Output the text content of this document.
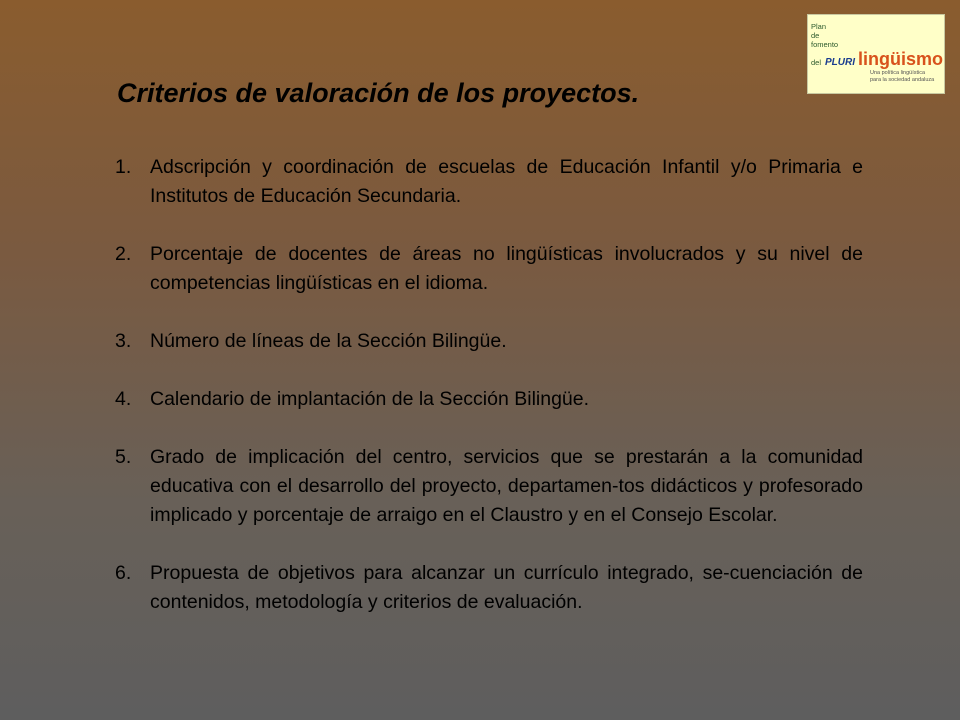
Plan
de
fomento
del PLURI lingüismo
Una política lingüística
para la sociedad andaluza
Criterios de valoración de los proyectos.
1. Adscripción y coordinación de escuelas de Educación Infantil y/o Primaria e Institutos de Educación Secundaria.
2. Porcentaje de docentes de áreas no lingüísticas involucrados y su nivel de competencias lingüísticas en el idioma.
3. Número de líneas de la Sección Bilingüe.
4. Calendario de implantación de la Sección Bilingüe.
5. Grado de implicación del centro, servicios que se prestarán a la comunidad educativa con el desarrollo del proyecto, departamen-tos didácticos y profesorado implicado y porcentaje de arraigo en el Claustro y en el Consejo Escolar.
6. Propuesta de objetivos para alcanzar un currículo integrado, se-cuenciación de contenidos, metodología y criterios de evaluación.
